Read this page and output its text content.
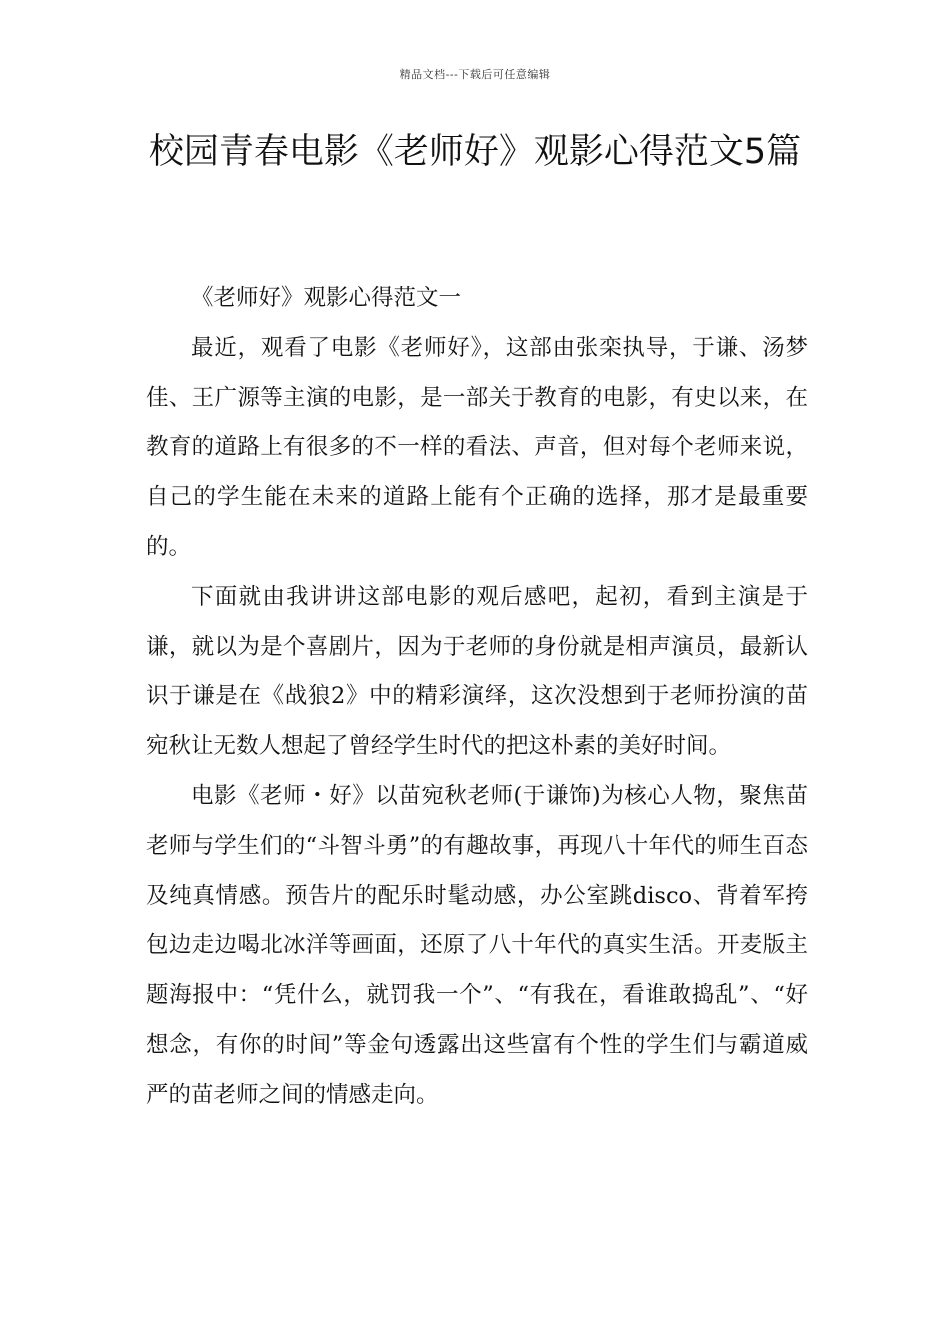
精品文档---下载后可任意编辑
校园青春电影《老师好》观影心得范文5篇

《老师好》观影心得范文一

最近，观看了电影《老师好》，这部由张栾执导，于谦、汤梦佳、王广源等主演的电影，是一部关于教育的电影，有史以来，在教育的道路上有很多的不一样的看法、声音，但对每个老师来说，自己的学生能在未来的道路上能有个正确的选择，那才是最重要的。

下面就由我讲讲这部电影的观后感吧，起初，看到主演是于谦，就以为是个喜剧片，因为于老师的身份就是相声演员，最新认识于谦是在《战狼2》中的精彩演绎，这次没想到于老师扮演的苗宛秋让无数人想起了曾经学生时代的把这朴素的美好时间。

电影《老师・好》以苗宛秋老师(于谦饰)为核心人物，聚焦苗老师与学生们的“斗智斗勇”的有趣故事，再现八十年代的师生百态及纯真情感。预告片的配乐时髦动感，办公室跳disco、背着军挎包边走边喝北冰洋等画面，还原了八十年代的真实生活。开麦版主题海报中：“凭什么，就罚我一个”、“有我在，看谁敢捣乱”、“好想念，有你的时间”等金句透露出这些富有个性的学生们与霸道威严的苗老师之间的情感走向。
